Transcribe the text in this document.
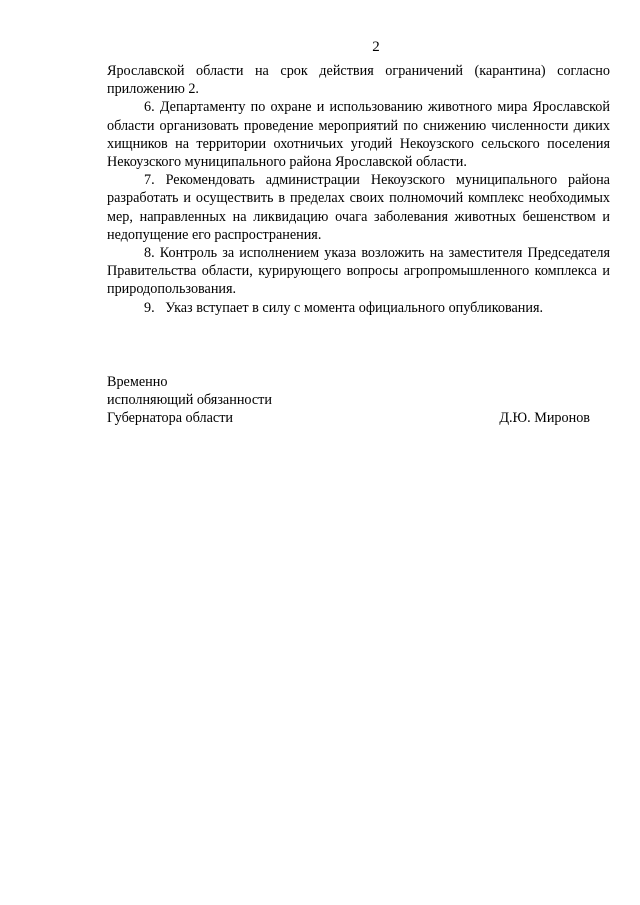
2

Ярославской области на срок действия ограничений (карантина) согласно приложению 2.

6. Департаменту по охране и использованию животного мира Ярославской области организовать проведение мероприятий по снижению численности диких хищников на территории охотничьих угодий Некоузского сельского поселения Некоузского муниципального района Ярославской области.

7. Рекомендовать администрации Некоузского муниципального района разработать и осуществить в пределах своих полномочий комплекс необходимых мер, направленных на ликвидацию очага заболевания животных бешенством и недопущение его распространения.

8. Контроль за исполнением указа возложить на заместителя Председателя Правительства области, курирующего вопросы агропромышленного комплекса и природопользования.

9.   Указ вступает в силу с момента официального опубликования.

Временно
исполняющий обязанности
Губернатора области	Д.Ю. Миронов
